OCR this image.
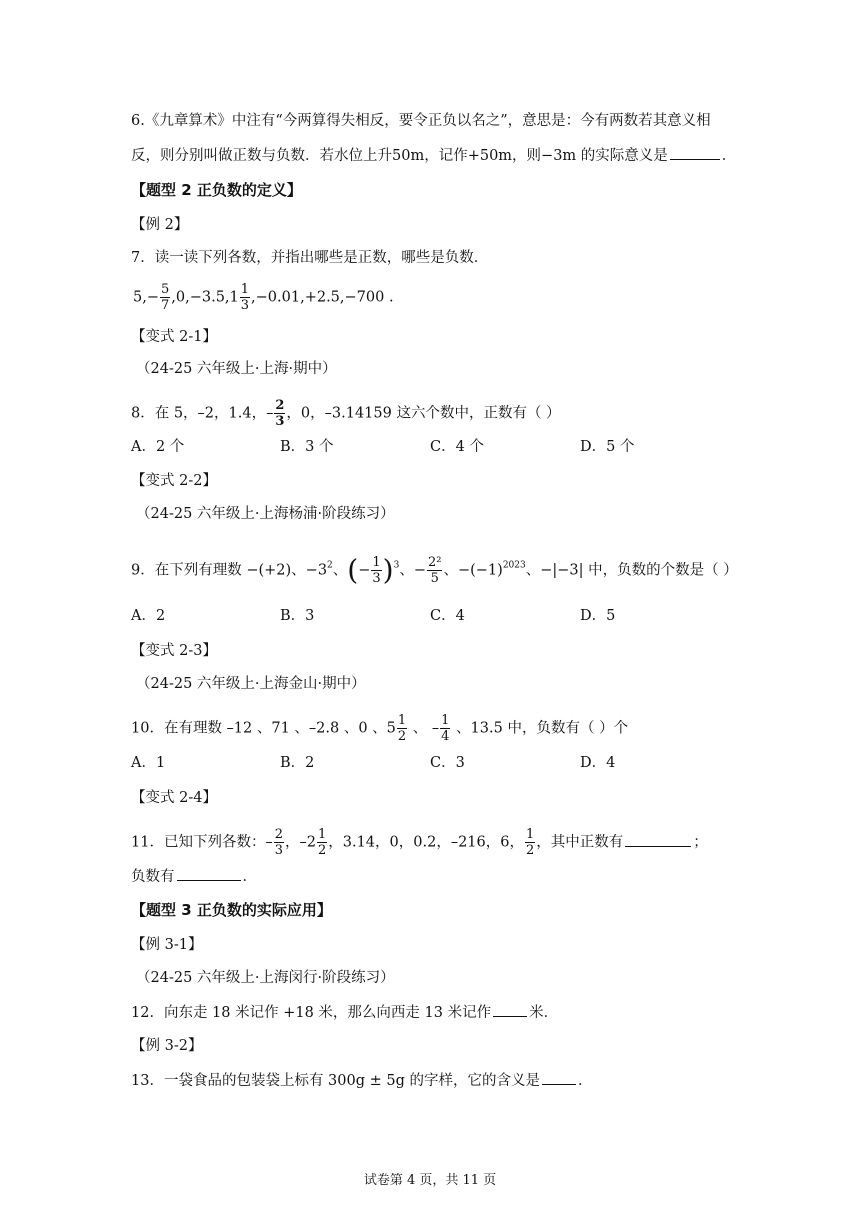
6.《九章算术》中注有“今两算得失相反，要令正负以名之”，意思是：今有两数若其意义相
反，则分别叫做正数与负数．若水位上升50m，记作+50m，则−3m 的实际意义是	．
【题型 2 正负数的定义】
【例 2】
7．读一读下列各数，并指出哪些是正数，哪些是负数．
$5,- \frac{5}{7} ,0,-3.5,1 \frac{1}{3} ,-0.01,+2.5,-700$ .
【变式 2-1】
（24-25 六年级上·上海·期中）
8．在 5，–2，1.4，– $\frac{2}{3}$ ，0，–3.14159 这六个数中，正数有（ ）
A．2 个	B．3 个	C．4 个	D．5 个
【变式 2-2】
（24-25 六年级上·上海杨浦·阶段练习）
9．在下列有理数 −(+2)、$-3^2$、(− $\frac{1}{3} )^3$、− $\frac{\text{2²}}{5}$ 、$-(-1)^{2023}$、−|−3| 中，负数的个数是（ ）
A．2	B．3	C．4	D．5
【变式 2-3】
（24-25 六年级上·上海金山·期中）
10．在有理数 –12 、71 、–2.8 、0 、$5 \frac{1}{2}$ 、 – $\frac{1}{4}$ 、13.5 中，负数有（ ）个
A．1	B．2	C．3	D．4
【变式 2-4】
11．已知下列各数：– $\frac{2}{3}$ ，$-2 \frac{1}{2}$ ，3.14，0，0.2，–216，6， $\frac{1}{2}$ ，其中正数有	；
负数有	．
【题型 3 正负数的实际应用】
【例 3-1】
（24-25 六年级上·上海闵行·阶段练习）
12．向东走 18 米记作 +18 米，那么向西走 13 米记作	米．
【例 3-2】
13．一袋食品的包装袋上标有 300g ± 5g 的字样，它的含义是	．
试卷第 4 页，共 11 页
